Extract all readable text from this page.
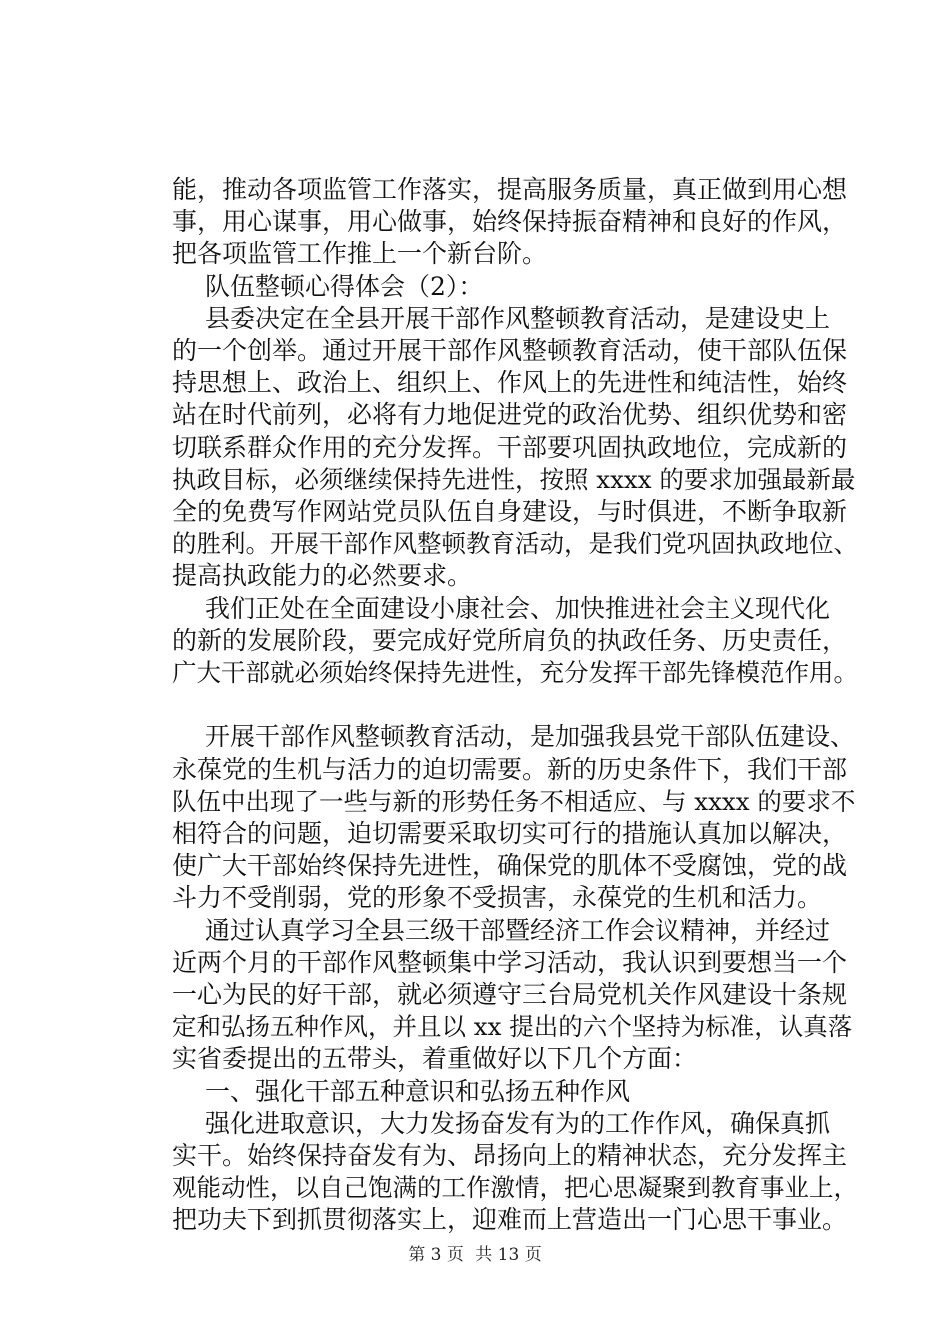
能，推动各项监管工作落实，提高服务质量，真正做到用心想
事，用心谋事，用心做事，始终保持振奋精神和良好的作风，
把各项监管工作推上一个新台阶。
　队伍整顿心得体会（2）：
　县委决定在全县开展干部作风整顿教育活动，是建设史上
的一个创举。通过开展干部作风整顿教育活动，使干部队伍保
持思想上、政治上、组织上、作风上的先进性和纯洁性，始终
站在时代前列，必将有力地促进党的政治优势、组织优势和密
切联系群众作用的充分发挥。干部要巩固执政地位，完成新的
执政目标，必须继续保持先进性，按照 xxxx 的要求加强最新最
全的免费写作网站党员队伍自身建设，与时俱进，不断争取新
的胜利。开展干部作风整顿教育活动，是我们党巩固执政地位、
提高执政能力的必然要求。
　我们正处在全面建设小康社会、加快推进社会主义现代化
的新的发展阶段，要完成好党所肩负的执政任务、历史责任，
广大干部就必须始终保持先进性，充分发挥干部先锋模范作用。
　开展干部作风整顿教育活动，是加强我县党干部队伍建设、
永葆党的生机与活力的迫切需要。新的历史条件下，我们干部
队伍中出现了一些与新的形势任务不相适应、与 xxxx 的要求不
相符合的问题，迫切需要采取切实可行的措施认真加以解决，
使广大干部始终保持先进性，确保党的肌体不受腐蚀，党的战
斗力不受削弱，党的形象不受损害，永葆党的生机和活力。
　通过认真学习全县三级干部暨经济工作会议精神，并经过
近两个月的干部作风整顿集中学习活动，我认识到要想当一个
一心为民的好干部，就必须遵守三台局党机关作风建设十条规
定和弘扬五种作风，并且以 xx 提出的六个坚持为标准，认真落
实省委提出的五带头，着重做好以下几个方面：
　一、强化干部五种意识和弘扬五种作风
　强化进取意识，大力发扬奋发有为的工作作风，确保真抓
实干。始终保持奋发有为、昂扬向上的精神状态，充分发挥主
观能动性，以自己饱满的工作激情，把心思凝聚到教育事业上，
把功夫下到抓贯彻落实上，迎难而上营造出一门心思干事业。
第 3 页 共 13 页
